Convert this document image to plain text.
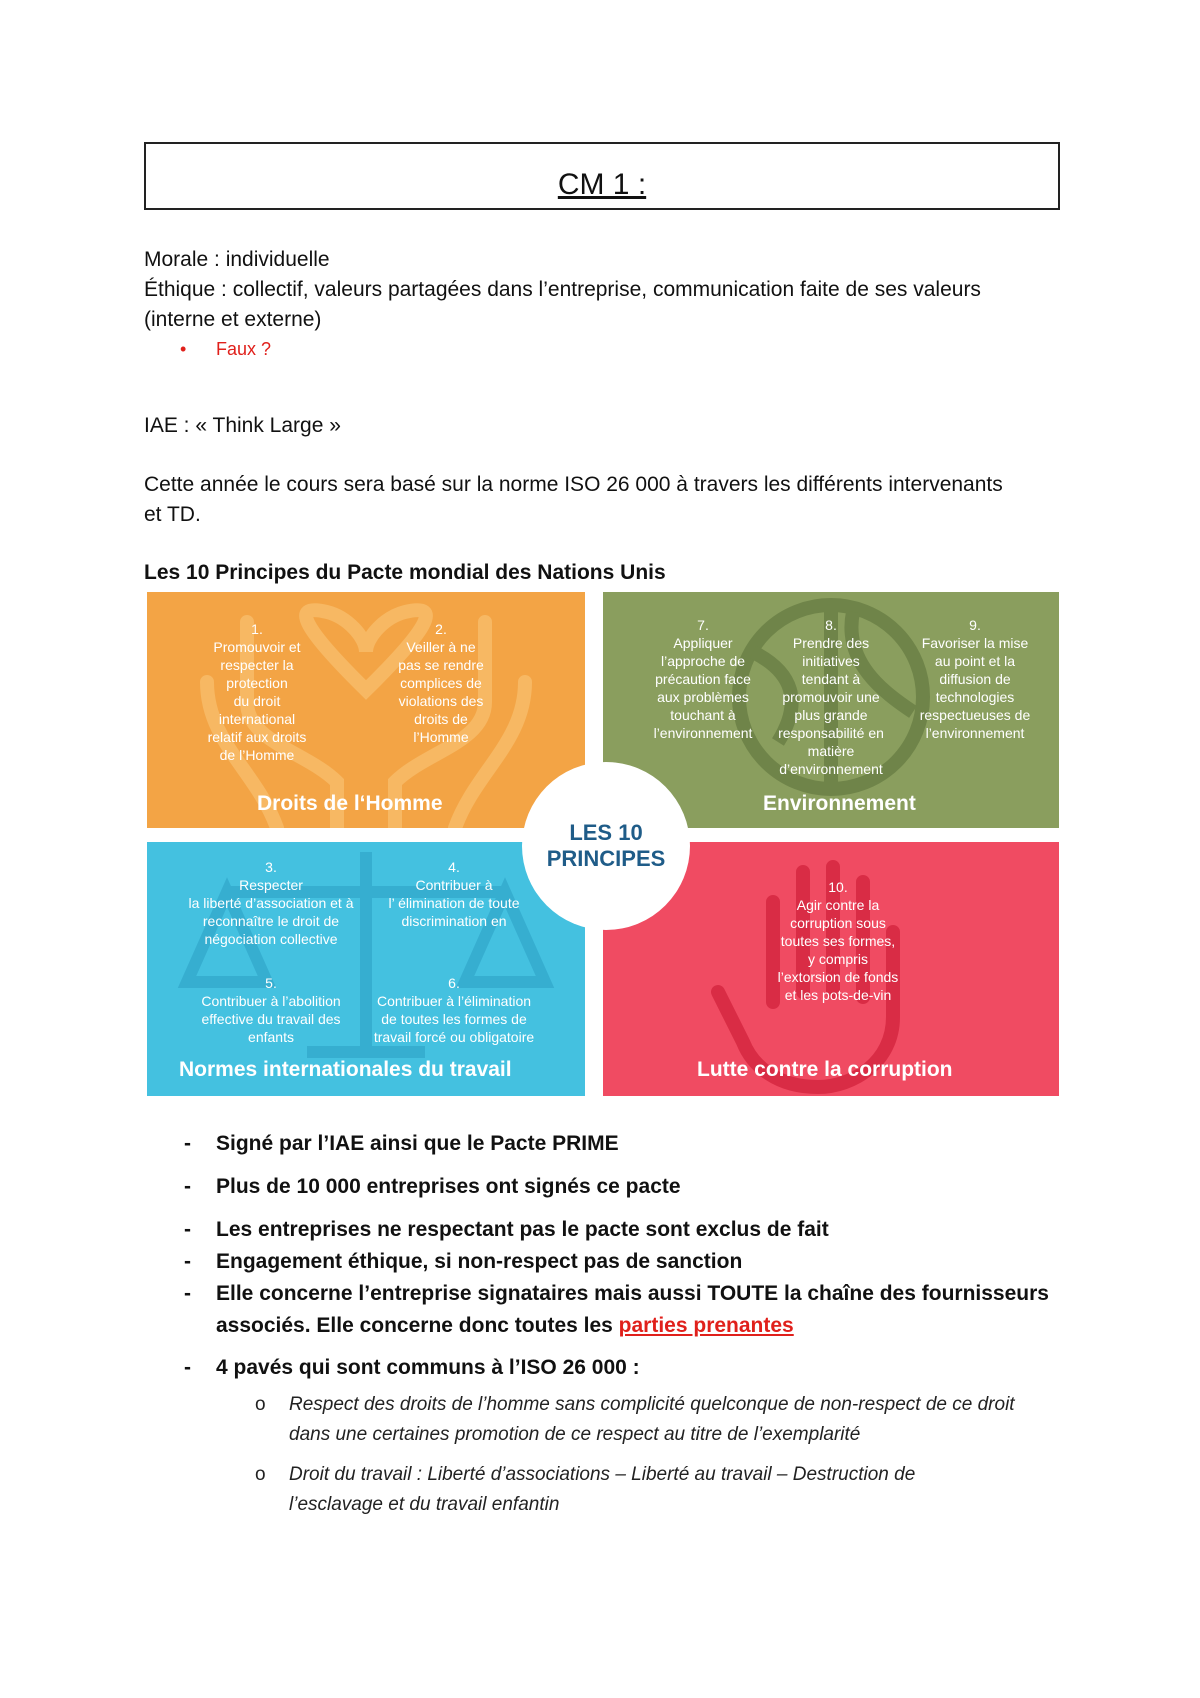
CM 1 :
Morale : individuelle
Éthique : collectif, valeurs partagées dans l’entreprise, communication faite de ses valeurs
(interne et externe)
• Faux ?
IAE : « Think Large »
Cette année le cours sera basé sur la norme ISO 26 000 à travers les différents intervenants
et TD.
Les 10 Principes du Pacte mondial des Nations Unis
1.
Promouvoir et
respecter la
protection
du droit
international
relatif aux droits
de l’Homme
2.
Veiller à ne
pas se rendre
complices de
violations des
droits de
l’Homme
Droits de l‘Homme
7.
Appliquer
l’approche de
précaution face
aux problèmes
touchant à
l’environnement
8.
Prendre des
initiatives
tendant à
promouvoir une
plus grande
responsabilité en
matière
d’environnement
9.
Favoriser la mise
au point et la
diffusion de
technologies
respectueuses de
l’environnement
Environnement
3.
Respecter
la liberté d’association et à
reconnaître le droit de
négociation collective
4.
Contribuer à
l’ élimination de toute
discrimination en
5.
Contribuer à l’abolition
effective du travail des
enfants
6.
Contribuer à l’élimination
de toutes les formes de
travail forcé ou obligatoire
Normes internationales du travail
10.
Agir contre la
corruption sous
toutes ses formes,
y compris
l’extorsion de fonds
et les pots-de-vin
Lutte contre la corruption
LES 10
PRINCIPES
- Signé par l’IAE ainsi que le Pacte PRIME
- Plus de 10 000 entreprises ont signés ce pacte
- Les entreprises ne respectant pas le pacte sont exclus de fait
- Engagement éthique, si non-respect pas de sanction
- Elle concerne l’entreprise signataires mais aussi TOUTE la chaîne des fournisseurs
associés. Elle concerne donc toutes les parties prenantes
- 4 pavés qui sont communs à l’ISO 26 000 :
o Respect des droits de l’homme sans complicité quelconque de non-respect de ce droit
dans une certaines promotion de ce respect au titre de l’exemplarité
o Droit du travail : Liberté d’associations – Liberté au travail – Destruction de
l’esclavage et du travail enfantin
